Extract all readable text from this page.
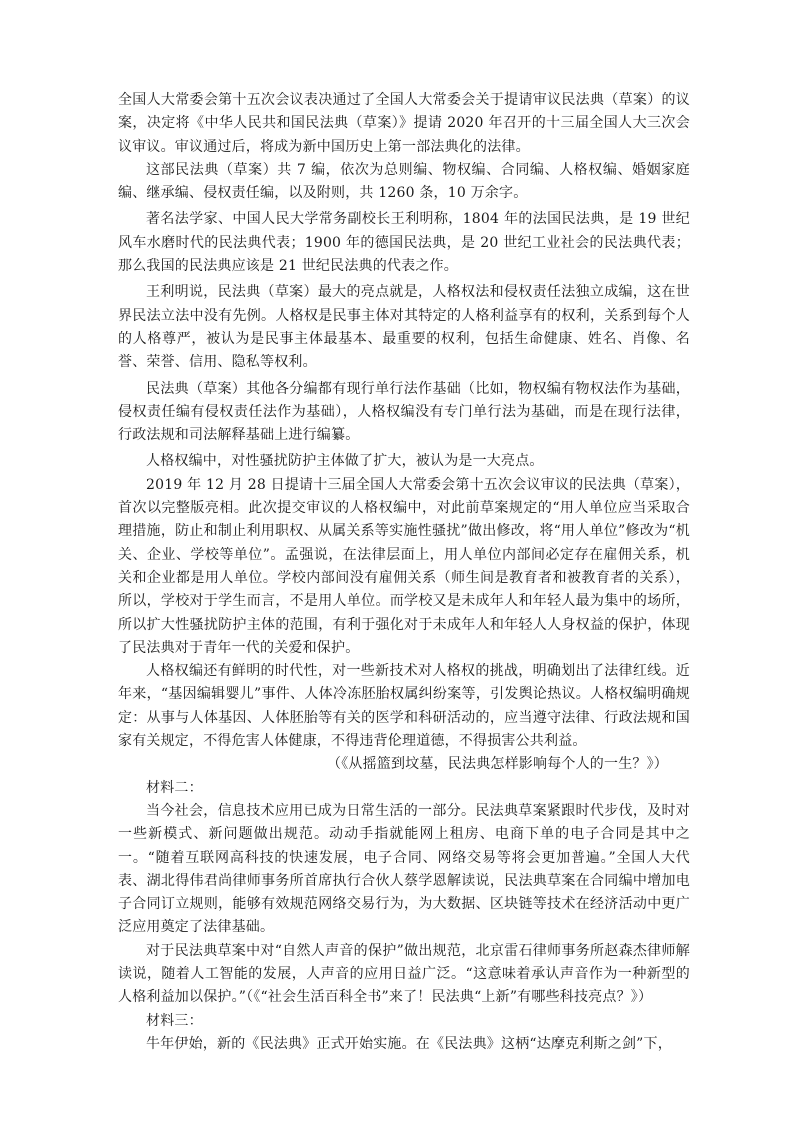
全国人大常委会第十五次会议表决通过了全国人大常委会关于提请审议民法典（草案）的议案，决定将《中华人民共和国民法典（草案）》提请 2020 年召开的十三届全国人大三次会议审议。审议通过后，将成为新中国历史上第一部法典化的法律。

这部民法典（草案）共 7 编，依次为总则编、物权编、合同编、人格权编、婚姻家庭编、继承编、侵权责任编，以及附则，共 1260 条，10 万余字。

著名法学家、中国人民大学常务副校长王利明称，1804 年的法国民法典，是 19 世纪风车水磨时代的民法典代表；1900 年的德国民法典，是 20 世纪工业社会的民法典代表；那么我国的民法典应该是 21 世纪民法典的代表之作。

王利明说，民法典（草案）最大的亮点就是，人格权法和侵权责任法独立成编，这在世界民法立法中没有先例。人格权是民事主体对其特定的人格利益享有的权利，关系到每个人的人格尊严，被认为是民事主体最基本、最重要的权利，包括生命健康、姓名、肖像、名誉、荣誉、信用、隐私等权利。

民法典（草案）其他各分编都有现行单行法作基础（比如，物权编有物权法作为基础，侵权责任编有侵权责任法作为基础），人格权编没有专门单行法为基础，而是在现行法律，行政法规和司法解释基础上进行编纂。

人格权编中，对性骚扰防护主体做了扩大，被认为是一大亮点。

2019 年 12 月 28 日提请十三届全国人大常委会第十五次会议审议的民法典（草案），首次以完整版亮相。此次提交审议的人格权编中，对此前草案规定的“用人单位应当采取合理措施，防止和制止利用职权、从属关系等实施性骚扰”做出修改，将“用人单位”修改为“机关、企业、学校等单位”。孟强说，在法律层面上，用人单位内部间必定存在雇佣关系，机关和企业都是用人单位。学校内部间没有雇佣关系（师生间是教育者和被教育者的关系），所以，学校对于学生而言，不是用人单位。而学校又是未成年人和年轻人最为集中的场所，所以扩大性骚扰防护主体的范围，有利于强化对于未成年人和年轻人人身权益的保护，体现了民法典对于青年一代的关爱和保护。

人格权编还有鲜明的时代性，对一些新技术对人格权的挑战，明确划出了法律红线。近年来，“基因编辑婴儿”事件、人体冷冻胚胎权属纠纷案等，引发舆论热议。人格权编明确规定：从事与人体基因、人体胚胎等有关的医学和科研活动的，应当遵守法律、行政法规和国家有关规定，不得危害人体健康，不得违背伦理道德，不得损害公共利益。

（《从摇篮到坟墓，民法典怎样影响每个人的一生？》）

材料二：

当今社会，信息技术应用已成为日常生活的一部分。民法典草案紧跟时代步伐，及时对一些新模式、新问题做出规范。动动手指就能网上租房、电商下单的电子合同是其中之一。“随着互联网高科技的快速发展，电子合同、网络交易等将会更加普遍。”全国人大代表、湖北得伟君尚律师事务所首席执行合伙人蔡学恩解读说，民法典草案在合同编中增加电子合同订立规则，能够有效规范网络交易行为，为大数据、区块链等技术在经济活动中更广泛应用奠定了法律基础。

对于民法典草案中对“自然人声音的保护”做出规范，北京雷石律师事务所赵森杰律师解读说，随着人工智能的发展，人声音的应用日益广泛。“这意味着承认声音作为一种新型的人格利益加以保护。”（《“社会生活百科全书”来了！民法典“上新”有哪些科技亮点？》）

材料三：

牛年伊始，新的《民法典》正式开始实施。在《民法典》这柄“达摩克利斯之剑”下，
